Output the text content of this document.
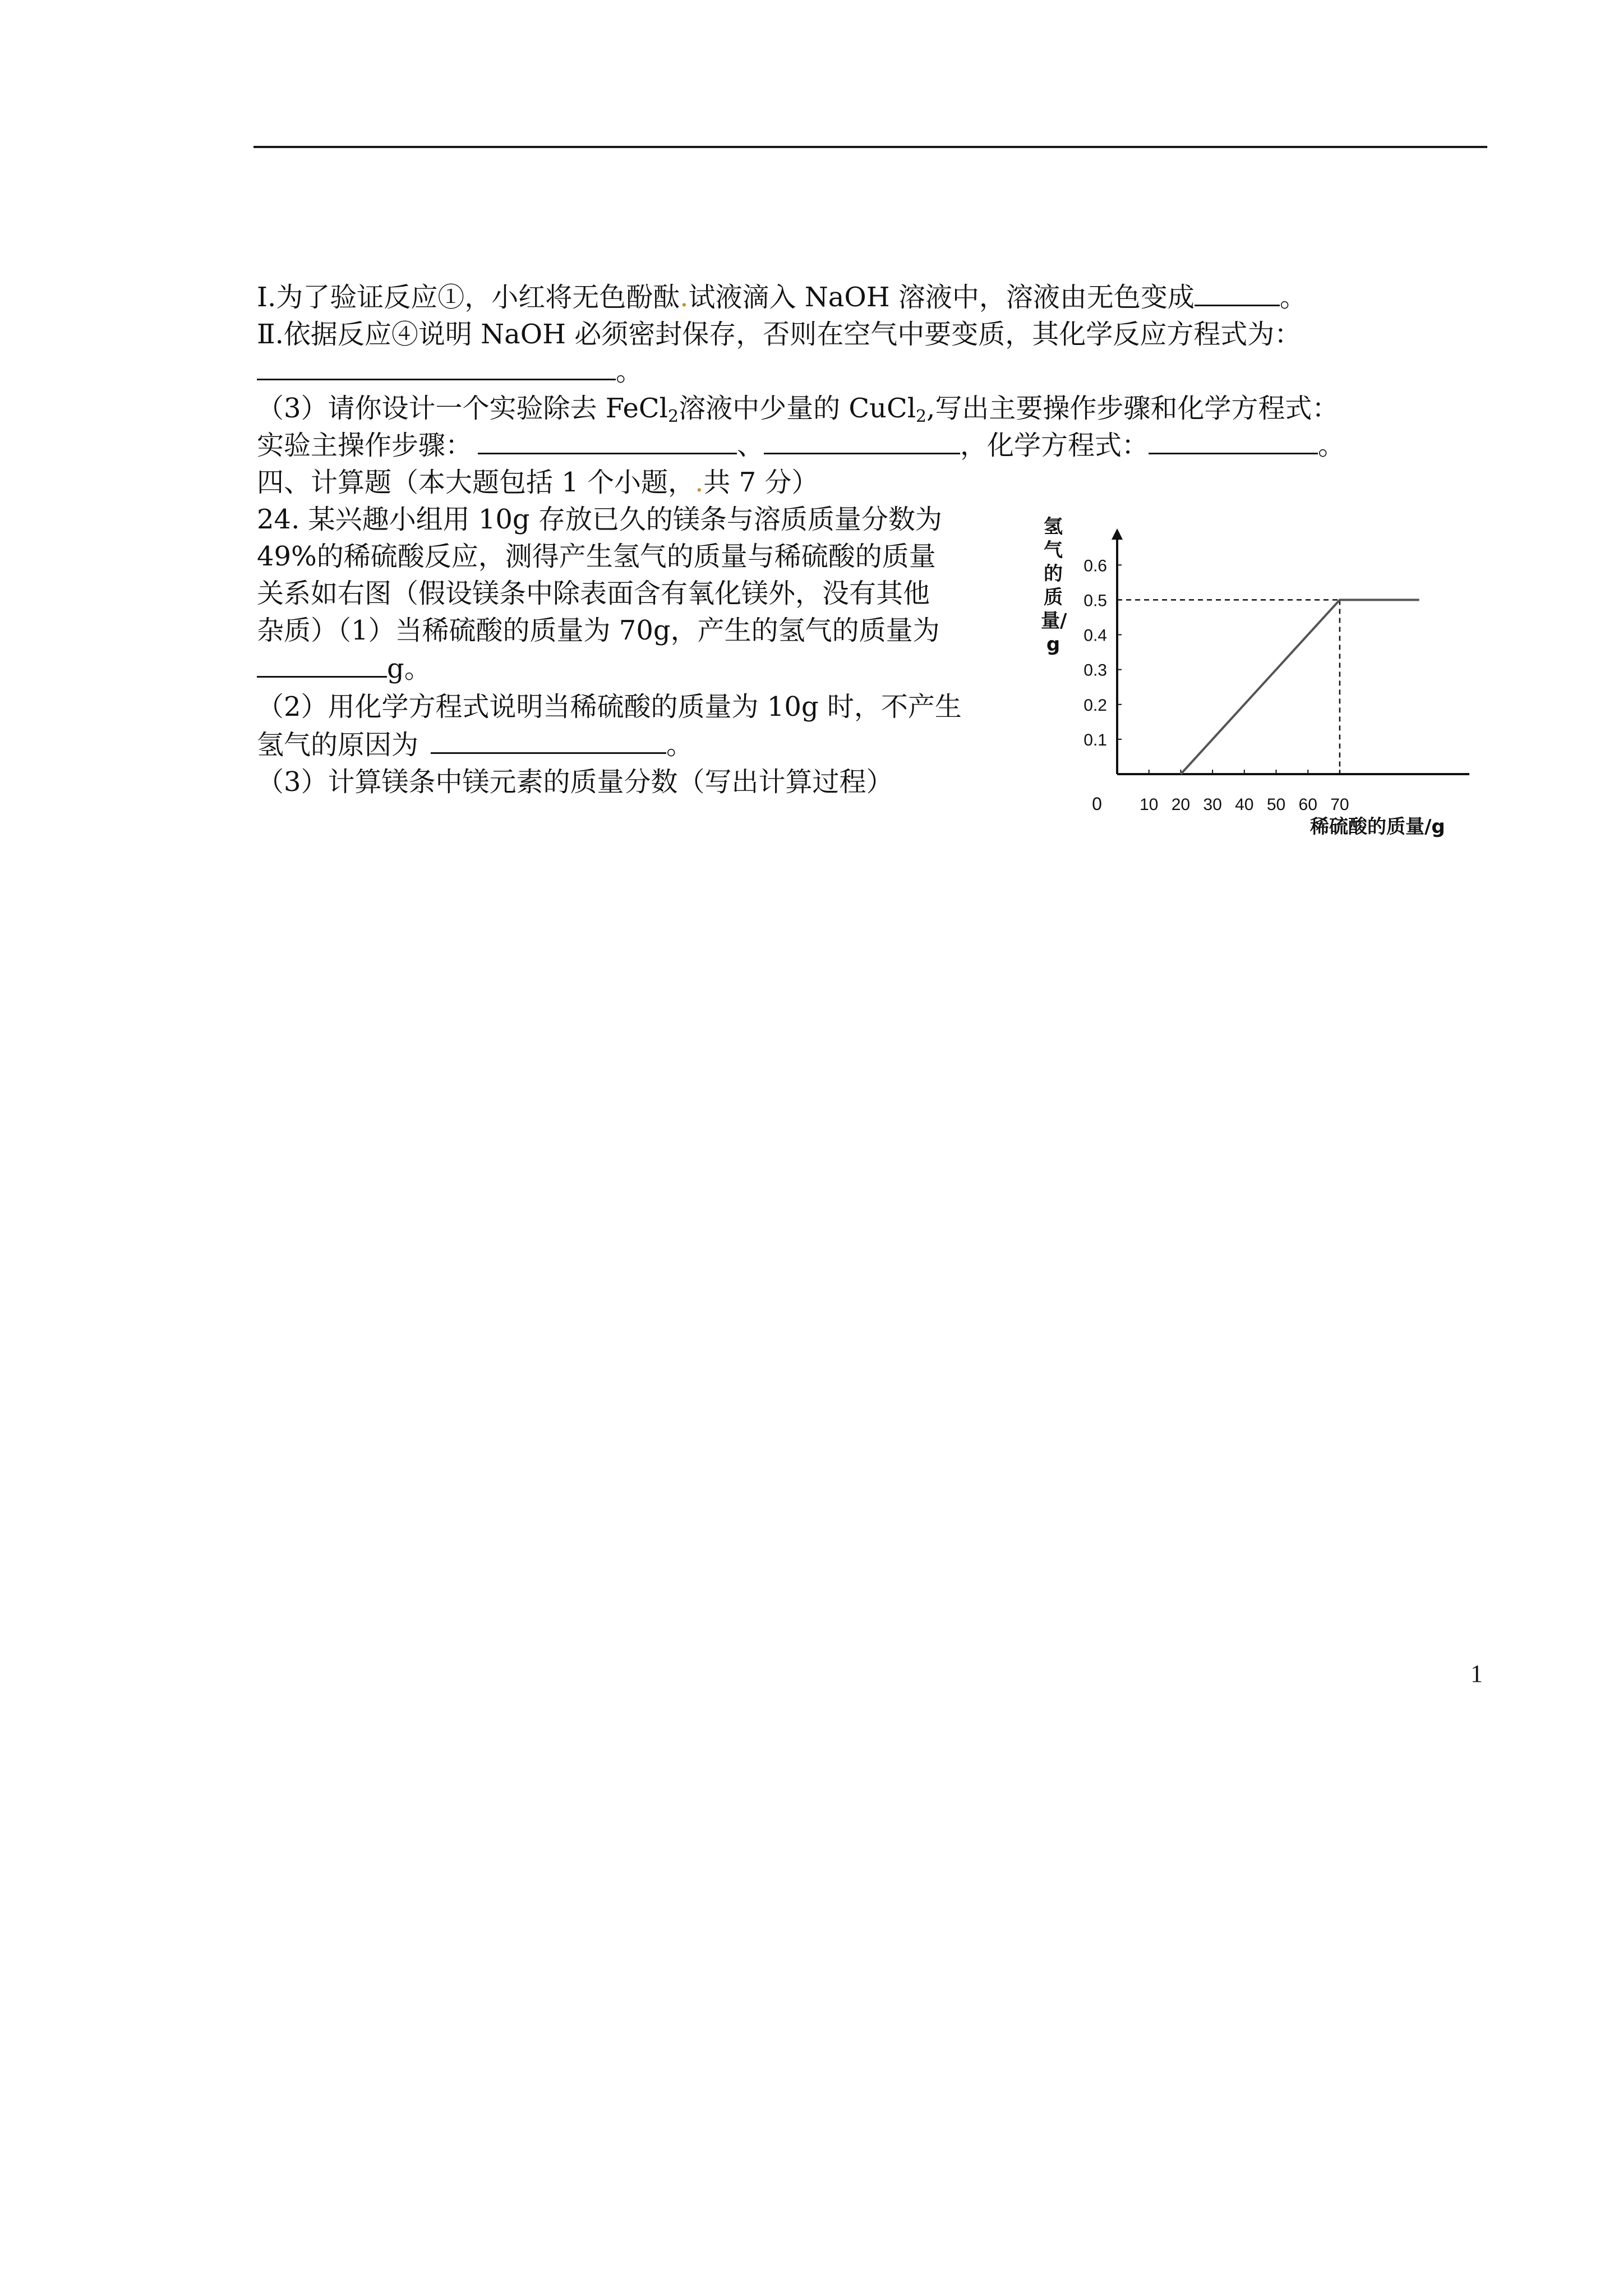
Ⅰ.为了验证反应①，小红将无色酚酞.试液滴入 NaOH 溶液中，溶液由无色变成	。
Ⅱ.依据反应④说明 NaOH 必须密封保存，否则在空气中要变质，其化学反应方程式为：
。
（3）请你设计一个实验除去 FeCl$_2$溶液中少量的 CuCl$_2$,写出主要操作步骤和化学方程式：
实验主操作步骤：	、	，化学方程式：	。
四、计算题（本大题包括 1 个小题，.共 7 分）
24. 某兴趣小组用 10g 存放已久的镁条与溶质质量分数为
49%的稀硫酸反应，测得产生氢气的质量与稀硫酸的质量
关系如右图（假设镁条中除表面含有氧化镁外，没有其他
杂质）（1）当稀硫酸的质量为 70g，产生的氢气的质量为
g。
（2）用化学方程式说明当稀硫酸的质量为 10g 时，不产生
氢气的原因为	。
（3）计算镁条中镁元素的质量分数（写出计算过程）
氢气的质量/g
稀硫酸的质量/g
0 10 20 30 40 50 60 70
0.1
0.2
0.3
0.4
0.5
0.6
1
